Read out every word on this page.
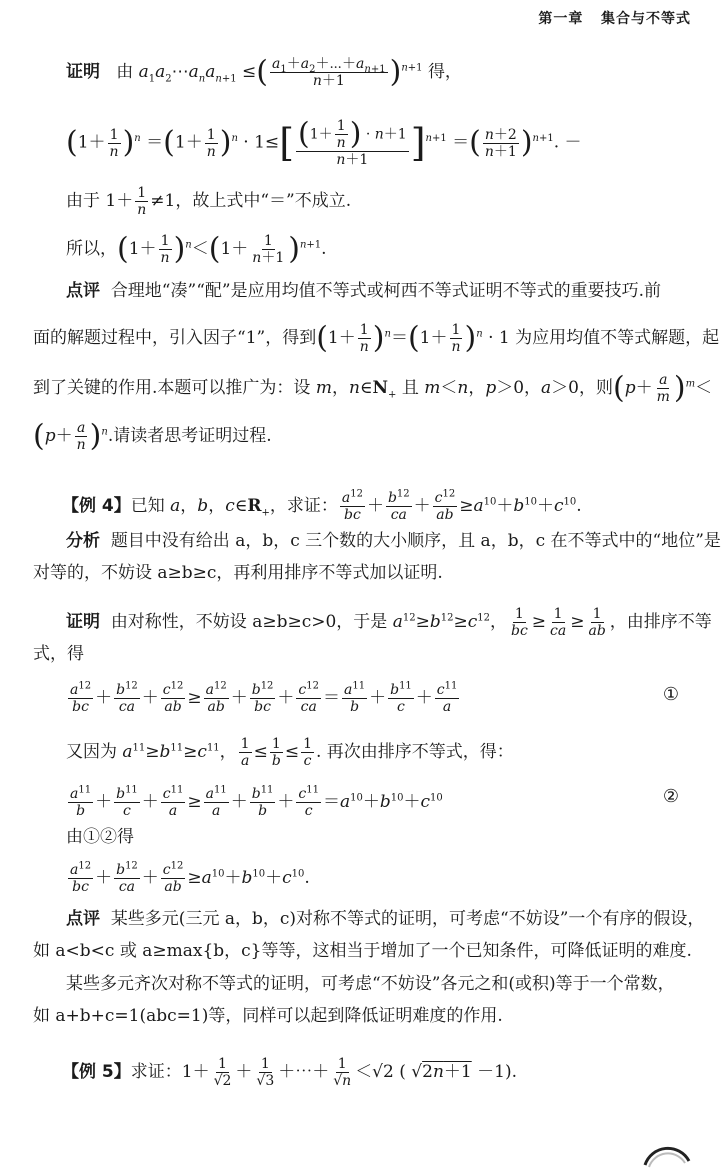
第一章 集合与不等式
证明 由 $a_1a_2\cdots a_na_{n+1}$ ≤( $\frac{a_1+a_2+\cdots+a_{n+1}}{n+1} )^{n+1}$ 得，
$(1+ \frac{1}{n} )^n =(1+ \frac{1}{n} )^n \cdot 1\le[ \frac{(1+ \frac{1}{n} ) \cdot n+1}{n+1} ]^{n+1}$ ＝( $\frac{n+2}{n+1} )^{n+1}$. －
由于 $1+ \frac{1}{n} \ne 1$，故上式中“＝”不成立.
所以，$(1+ \frac{1}{n} )^n<(1+ \frac{1}{n+1} )^{n+1}$.
点评 合理地“凑”“配”是应用均值不等式或柯西不等式证明不等式的重要技巧.前
面的解题过程中，引入因子“1”，得到$(1+ \frac{1}{n} )^n=(1+ \frac{1}{n} )^n \cdot 1$ 为应用均值不等式解题，起
到了关键的作用.本题可以推广为：设 m，$n\in N_+$ 且 m＜n，p＞0，a＞0，则$(p+ \frac{a}{m} )^m<$
$(p+ \frac{a}{n} )^n$.请读者思考证明过程.
【例 4】已知 a，b，$c\in R_+$，求证： $\frac{a^{12}}{bc} + \frac{b^{12}}{ca} + \frac{c^{12}}{ab} \ge a^{10}+b^{10}+c^{10}$.
分析 题目中没有给出 a，b，c 三个数的大小顺序，且 a，b，c 在不等式中的“地位”是
对等的，不妨设 a≥b≥c，再利用排序不等式加以证明.
证明 由对称性，不妨设 a≥b≥c>0，于是 $a^{12}\ge b^{12}\ge c^{12}$， $\frac{1}{bc} \ge \frac{1}{ca} \ge \frac{1}{ab}$ ，由排序不等
式，得
$\frac{a^{12}}{bc} + \frac{b^{12}}{ca} + \frac{c^{12}}{ab} \ge \frac{a^{12}}{ab} + \frac{b^{12}}{bc} + \frac{c^{12}}{ca} = \frac{a^{11}}{b} + \frac{b^{11}}{c} + \frac{c^{11}}{a}$	①
又因为 $a^{11}\ge b^{11}\ge c^{11}$， $\frac{1}{a} \le \frac{1}{b} \le \frac{1}{c}$ . 再次由排序不等式，得：
$\frac{a^{11}}{b} + \frac{b^{11}}{c} + \frac{c^{11}}{a} \ge \frac{a^{11}}{a} + \frac{b^{11}}{b} + \frac{c^{11}}{c} =a^{10}+b^{10}+c^{10}$	②
由①②得
$\frac{a^{12}}{bc} + \frac{b^{12}}{ca} + \frac{c^{12}}{ab} \ge a^{10}+b^{10}+c^{10}$.
点评 某些多元(三元 a，b，c)对称不等式的证明，可考虑“不妨设”一个有序的假设，
如 a<b<c 或 a≥max{b，c}等等，这相当于增加了一个已知条件，可降低证明的难度.
某些多元齐次对称不等式的证明，可考虑“不妨设”各元之和(或积)等于一个常数，
如 a+b+c=1(abc=1)等，同样可以起到降低证明难度的作用.
【例 5】求证：$1+ \frac{1}{√2} + \frac{1}{√3}$ ＋⋯＋ $\frac{1}{√n} <√2$ ( √2n＋1 －1).
